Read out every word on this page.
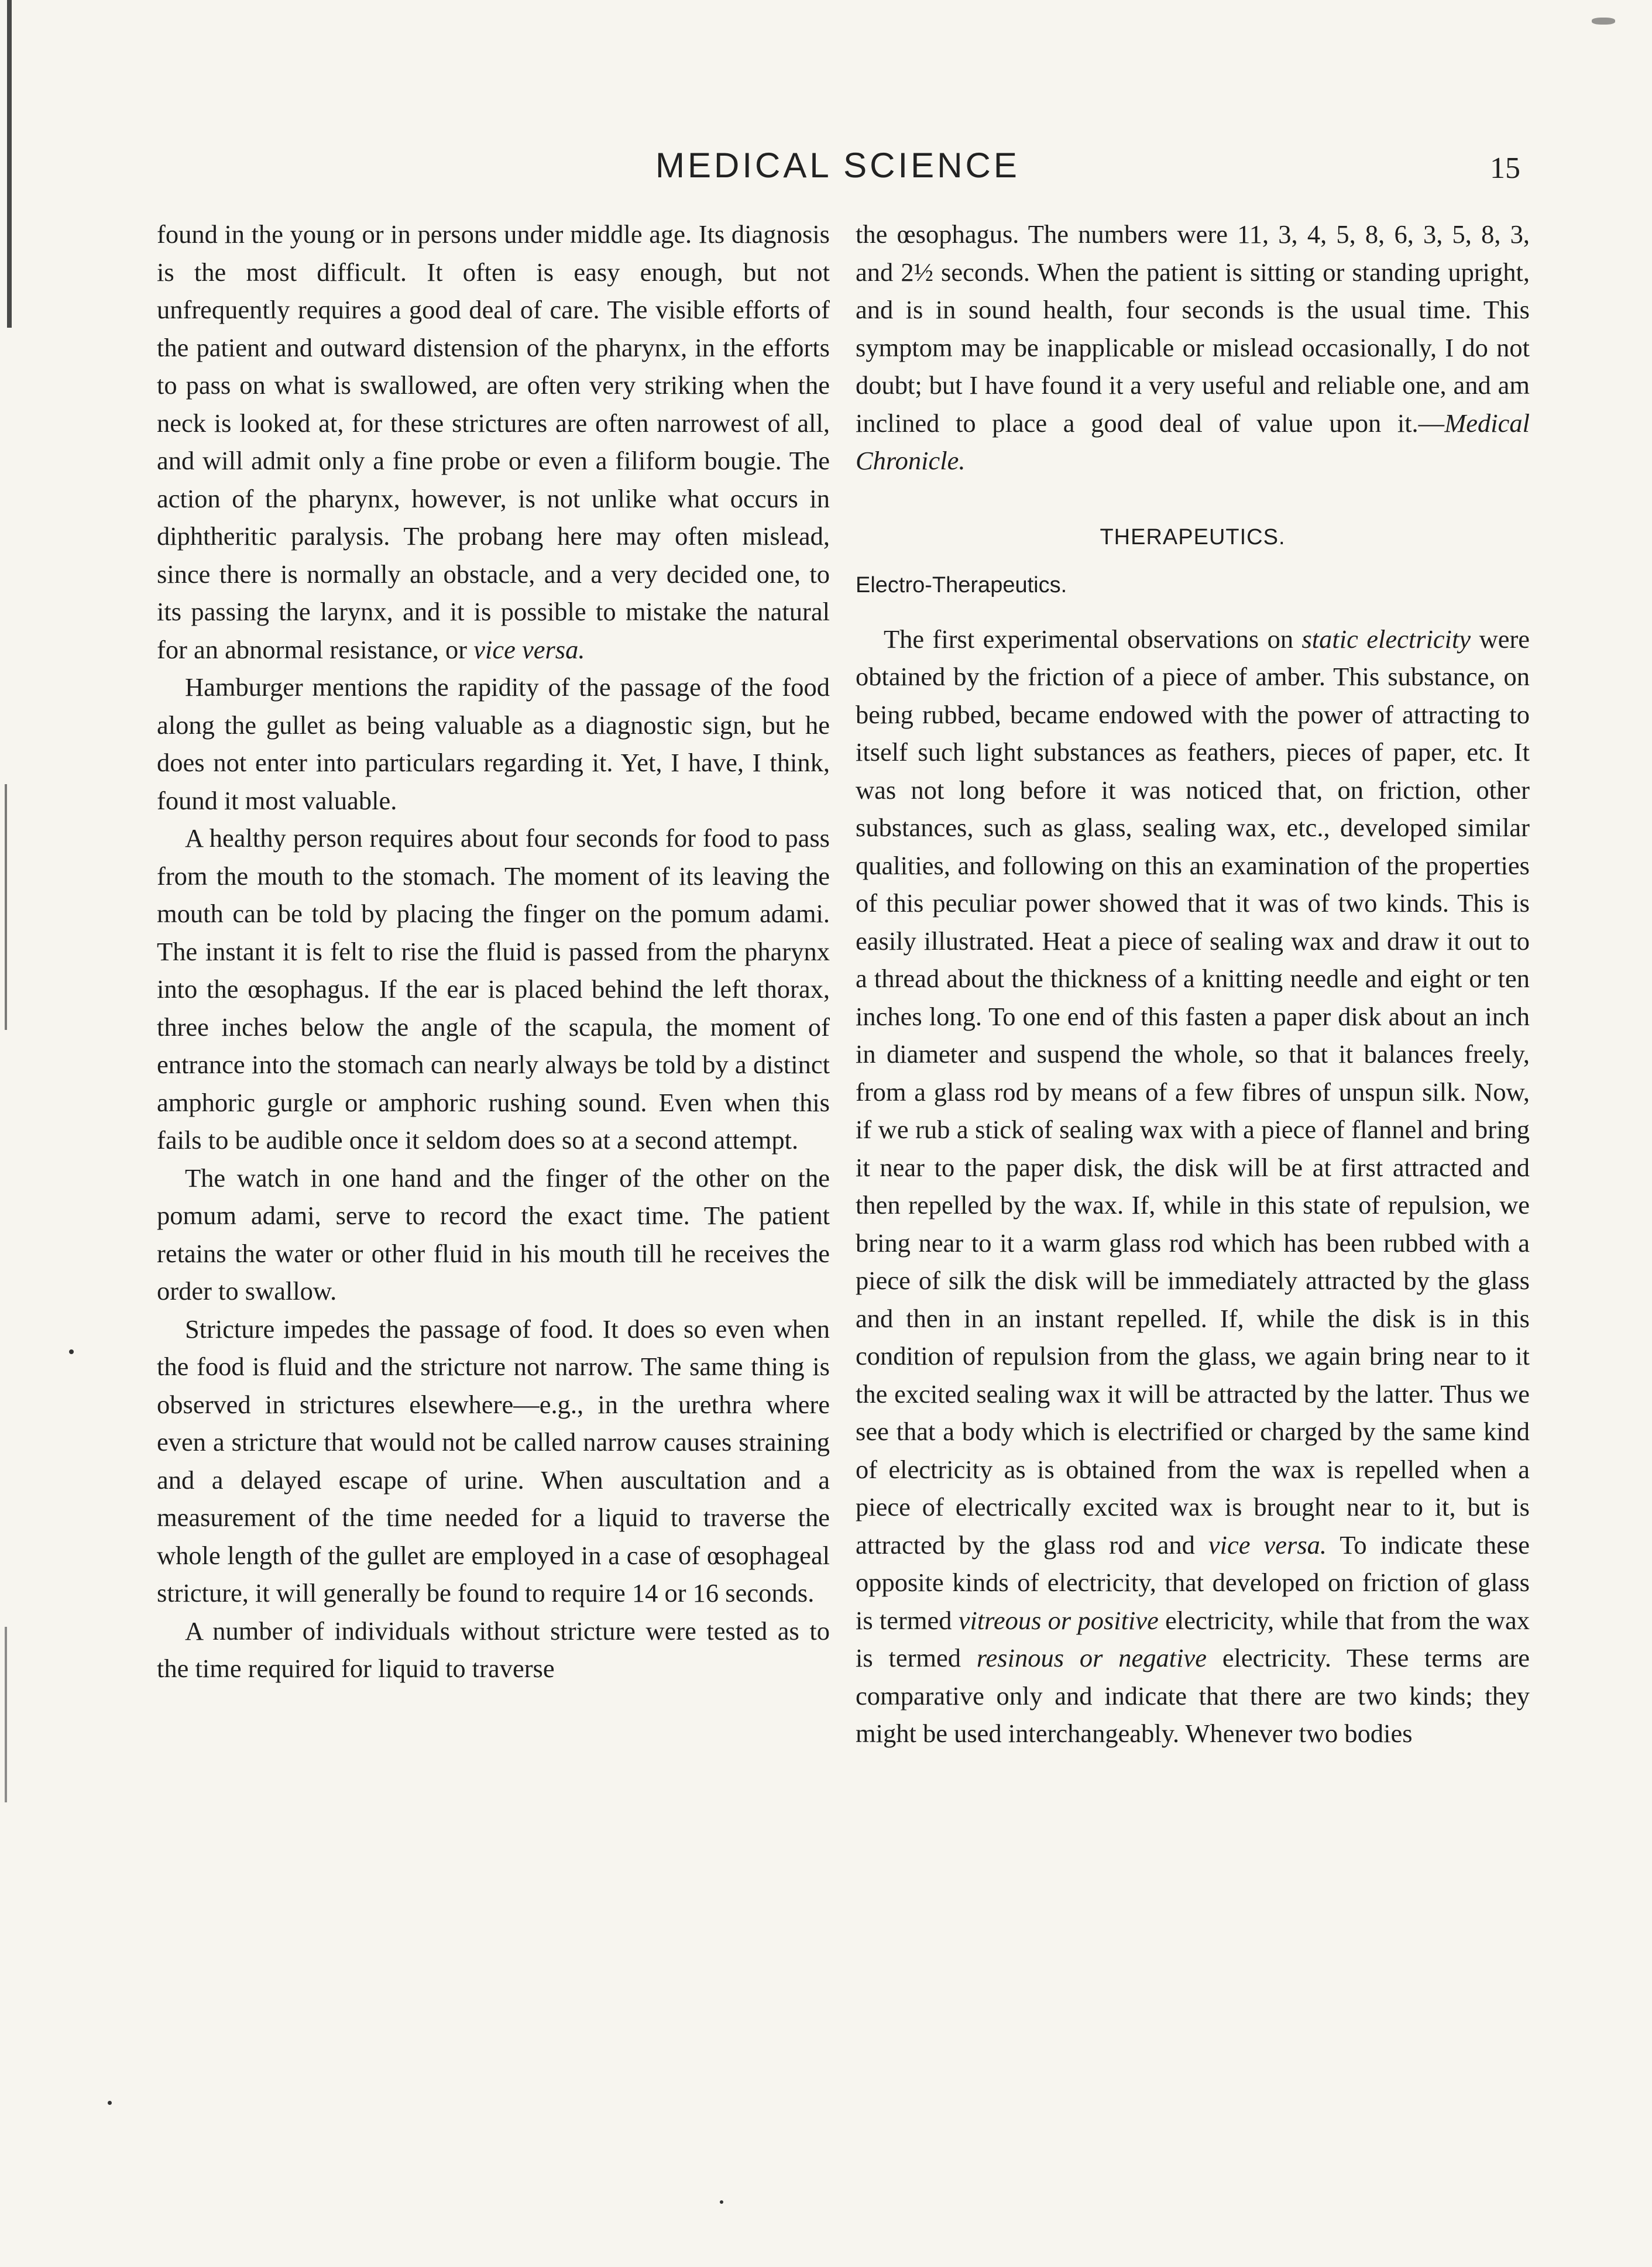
MEDICAL SCIENCE	15

found in the young or in persons under middle age. Its diagnosis is the most difficult. It often is easy enough, but not unfrequently requires a good deal of care. The visible efforts of the patient and outward distension of the pharynx, in the efforts to pass on what is swallowed, are often very striking when the neck is looked at, for these strictures are often narrowest of all, and will admit only a fine probe or even a filiform bougie. The action of the pharynx, however, is not unlike what occurs in diphtheritic paralysis. The probang here may often mislead, since there is normally an obstacle, and a very decided one, to its passing the larynx, and it is possible to mistake the natural for an abnormal resistance, or vice versa.

Hamburger mentions the rapidity of the passage of the food along the gullet as being valuable as a diagnostic sign, but he does not enter into particulars regarding it. Yet, I have, I think, found it most valuable.

A healthy person requires about four seconds for food to pass from the mouth to the stomach. The moment of its leaving the mouth can be told by placing the finger on the pomum adami. The instant it is felt to rise the fluid is passed from the pharynx into the œsophagus. If the ear is placed behind the left thorax, three inches below the angle of the scapula, the moment of entrance into the stomach can nearly always be told by a distinct amphoric gurgle or amphoric rushing sound. Even when this fails to be audible once it seldom does so at a second attempt.

The watch in one hand and the finger of the other on the pomum adami, serve to record the exact time. The patient retains the water or other fluid in his mouth till he receives the order to swallow.

Stricture impedes the passage of food. It does so even when the food is fluid and the stricture not narrow. The same thing is observed in strictures elsewhere—e.g., in the urethra where even a stricture that would not be called narrow causes straining and a delayed escape of urine. When auscultation and a measurement of the time needed for a liquid to traverse the whole length of the gullet are employed in a case of œsophageal stricture, it will generally be found to require 14 or 16 seconds.

A number of individuals without stricture were tested as to the time required for liquid to traverse

the œsophagus. The numbers were 11, 3, 4, 5, 8, 6, 3, 5, 8, 3, and 2½ seconds. When the patient is sitting or standing upright, and is in sound health, four seconds is the usual time. This symptom may be inapplicable or mislead occasionally, I do not doubt; but I have found it a very useful and reliable one, and am inclined to place a good deal of value upon it.—Medical Chronicle.

THERAPEUTICS.

Electro-Therapeutics.

The first experimental observations on static electricity were obtained by the friction of a piece of amber. This substance, on being rubbed, became endowed with the power of attracting to itself such light substances as feathers, pieces of paper, etc. It was not long before it was noticed that, on friction, other substances, such as glass, sealing wax, etc., developed similar qualities, and following on this an examination of the properties of this peculiar power showed that it was of two kinds. This is easily illustrated. Heat a piece of sealing wax and draw it out to a thread about the thickness of a knitting needle and eight or ten inches long. To one end of this fasten a paper disk about an inch in diameter and suspend the whole, so that it balances freely, from a glass rod by means of a few fibres of unspun silk. Now, if we rub a stick of sealing wax with a piece of flannel and bring it near to the paper disk, the disk will be at first attracted and then repelled by the wax. If, while in this state of repulsion, we bring near to it a warm glass rod which has been rubbed with a piece of silk the disk will be immediately attracted by the glass and then in an instant repelled. If, while the disk is in this condition of repulsion from the glass, we again bring near to it the excited sealing wax it will be attracted by the latter. Thus we see that a body which is electrified or charged by the same kind of electricity as is obtained from the wax is repelled when a piece of electrically excited wax is brought near to it, but is attracted by the glass rod and vice versa. To indicate these opposite kinds of electricity, that developed on friction of glass is termed vitreous or positive electricity, while that from the wax is termed resinous or negative electricity. These terms are comparative only and indicate that there are two kinds; they might be used interchangeably. Whenever two bodies
